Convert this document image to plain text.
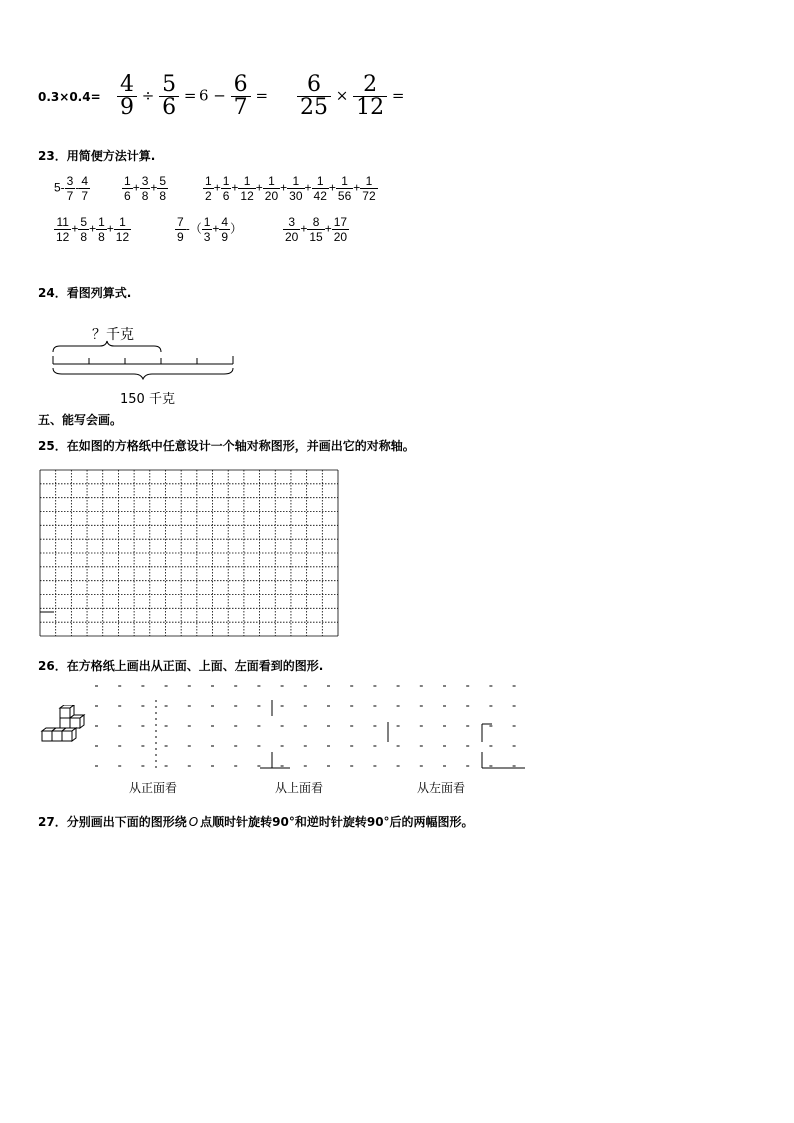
$0.3\times 0.4= \frac{4}{9} \div \frac{5}{6} = 6 - \frac{6}{7} = \frac{6}{25} \times \frac{2}{12}$ =
23．用简便方法计算.
$5- \frac{3}{7} - \frac{4}{7}$	$\frac{1}{6} + \frac{3}{8} + \frac{5}{8}$	$\frac{1}{2} + \frac{1}{6} + \frac{1}{12} + \frac{1}{20} + \frac{1}{30} + \frac{1}{42} + \frac{1}{56} + \frac{1}{72}$
$\frac{11}{12} + \frac{5}{8} + \frac{1}{8} + \frac{1}{12}$	$\frac{7}{9}$ -（ $\frac{1}{3} + \frac{4}{9}$ ）	$\frac{3}{20} + \frac{8}{15} + \frac{17}{20}$
24．看图列算式.
？千克
150 千克
五、能写会画。
25．在如图的方格纸中任意设计一个轴对称图形，并画出它的对称轴。
26．在方格纸上画出从正面、上面、左面看到的图形.
从正面看	从上面看	从左面看
27．分别画出下面的图形绕 O 点顺时针旋转90°和逆时针旋转90°后的两幅图形。
